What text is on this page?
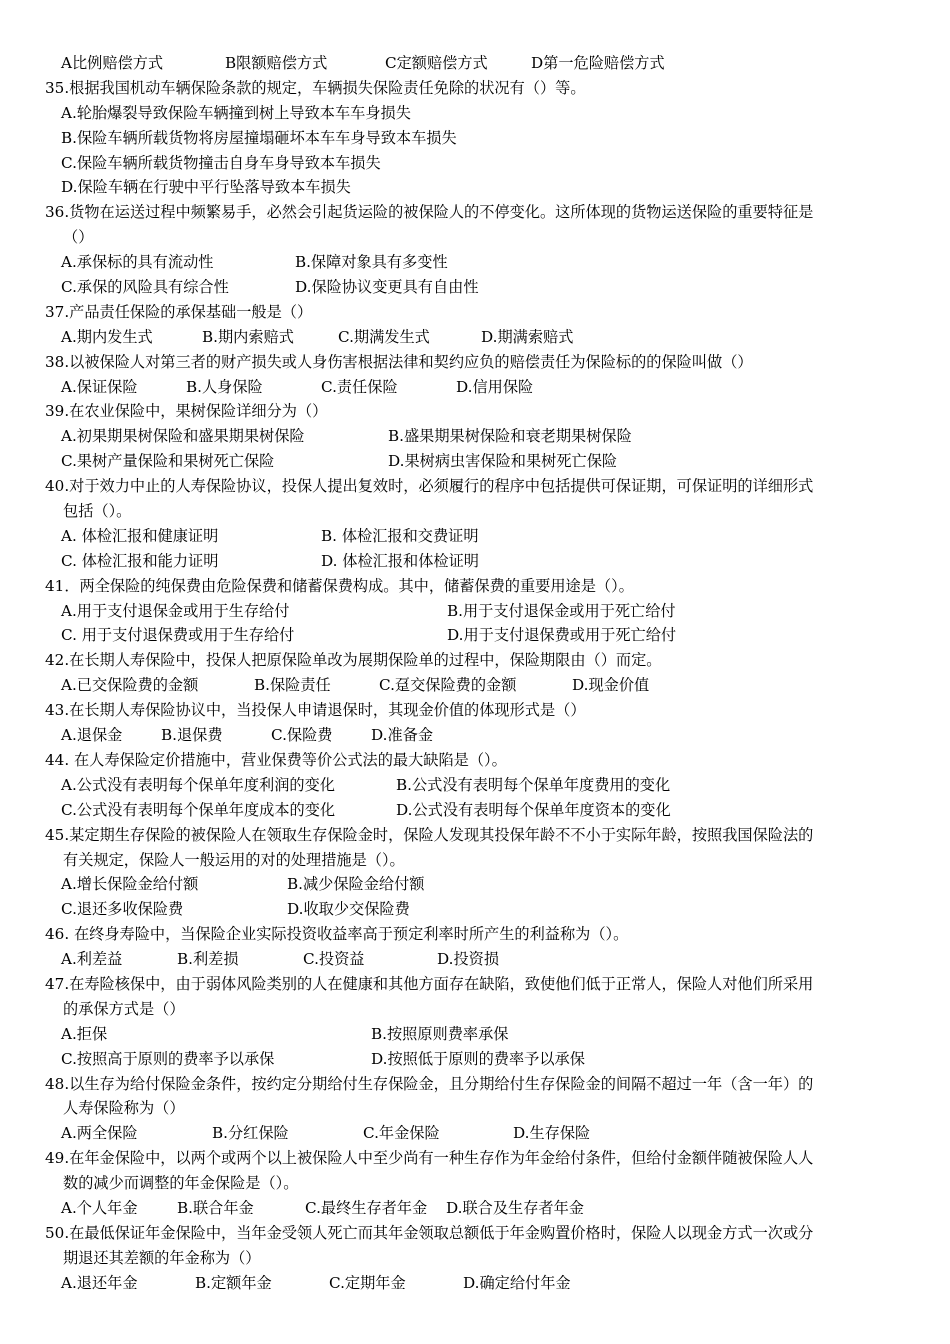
A比例赔偿方式	B限额赔偿方式	C定额赔偿方式	D第一危险赔偿方式
35.根据我国机动车辆保险条款的规定，车辆损失保险责任免除的状况有（）等。
A.轮胎爆裂导致保险车辆撞到树上导致本车车身损失
B.保险车辆所载货物将房屋撞塌砸坏本车车身导致本车损失
C.保险车辆所载货物撞击自身车身导致本车损失
D.保险车辆在行驶中平行坠落导致本车损失
36.货物在运送过程中频繁易手，必然会引起货运险的被保险人的不停变化。这所体现的货物运送保险的重要特征是
（）
A.承保标的具有流动性	B.保障对象具有多变性
C.承保的风险具有综合性	D.保险协议变更具有自由性
37.产品责任保险的承保基础一般是（）
A.期内发生式	B.期内索赔式	C.期满发生式	D.期满索赔式
38.以被保险人对第三者的财产损失或人身伤害根据法律和契约应负的赔偿责任为保险标的的保险叫做（）
A.保证保险	B.人身保险	C.责任保险	D.信用保险
39.在农业保险中，果树保险详细分为（）
A.初果期果树保险和盛果期果树保险	B.盛果期果树保险和衰老期果树保险
C.果树产量保险和果树死亡保险	D.果树病虫害保险和果树死亡保险
40.对于效力中止的人寿保险协议，投保人提出复效时，必须履行的程序中包括提供可保证期，可保证明的详细形式
包括（）。
A. 体检汇报和健康证明	B. 体检汇报和交费证明
C. 体检汇报和能力证明	D. 体检汇报和体检证明
41．两全保险的纯保费由危险保费和储蓄保费构成。其中，储蓄保费的重要用途是（）。
A.用于支付退保金或用于生存给付	B.用于支付退保金或用于死亡给付
C. 用于支付退保费或用于生存给付	D.用于支付退保费或用于死亡给付
42.在长期人寿保险中，投保人把原保险单改为展期保险单的过程中，保险期限由（）而定。
A.已交保险费的金额	B.保险责任	C.趸交保险费的金额	D.现金价值
43.在长期人寿保险协议中，当投保人申请退保时，其现金价值的体现形式是（）
A.退保金	B.退保费	C.保险费	D.准备金
44. 在人寿保险定价措施中，营业保费等价公式法的最大缺陷是（）。
A.公式没有表明每个保单年度利润的变化	B.公式没有表明每个保单年度费用的变化
C.公式没有表明每个保单年度成本的变化	D.公式没有表明每个保单年度资本的变化
45.某定期生存保险的被保险人在领取生存保险金时，保险人发现其投保年龄不不小于实际年龄，按照我国保险法的
有关规定，保险人一般运用的对的处理措施是（）。
A.增长保险金给付额	B.减少保险金给付额
C.退还多收保险费	D.收取少交保险费
46. 在终身寿险中，当保险企业实际投资收益率高于预定利率时所产生的利益称为（）。
A.利差益	B.利差损	C.投资益	D.投资损
47.在寿险核保中，由于弱体风险类别的人在健康和其他方面存在缺陷，致使他们低于正常人，保险人对他们所采用
的承保方式是（）
A.拒保	B.按照原则费率承保
C.按照高于原则的费率予以承保	D.按照低于原则的费率予以承保
48.以生存为给付保险金条件，按约定分期给付生存保险金，且分期给付生存保险金的间隔不超过一年（含一年）的
人寿保险称为（）
A.两全保险	B.分红保险	C.年金保险	D.生存保险
49.在年金保险中，以两个或两个以上被保险人中至少尚有一种生存作为年金给付条件，但给付金额伴随被保险人人
数的减少而调整的年金保险是（）。
A.个人年金	B.联合年金	C.最终生存者年金 D.联合及生存者年金
50.在最低保证年金保险中，当年金受领人死亡而其年金领取总额低于年金购置价格时，保险人以现金方式一次或分
期退还其差额的年金称为（）
A.退还年金	B.定额年金	C.定期年金	D.确定给付年金
